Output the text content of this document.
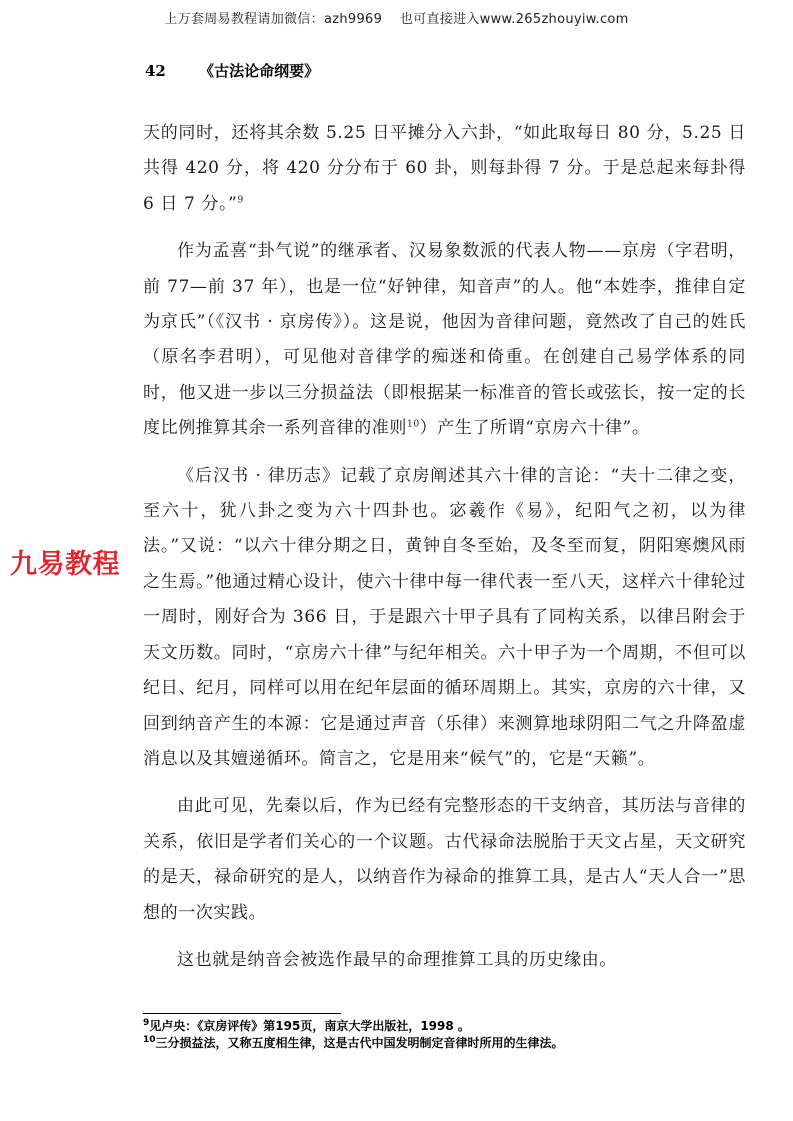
上万套周易教程请加微信：azh9969　 也可直接进入www.265zhouyiw.com
42 《古法论命纲要》
九易教程

天的同时，还将其余数 5.25 日平摊分入六卦，“如此取每日 80 分，5.25 日共得 420 分，将 420 分分布于 60 卦，则每卦得 7 分。于是总起来每卦得 6 日 7 分。”$^9$

作为孟喜“卦气说”的继承者、汉易象数派的代表人物——京房（字君明，前 77—前 37 年），也是一位“好钟律，知音声”的人。他“本姓李，推律自定为京氏”（《汉书 · 京房传》）。这是说，他因为音律问题，竟然改了自己的姓氏（原名李君明），可见他对音律学的痴迷和倚重。在创建自己易学体系的同时，他又进一步以三分损益法（即根据某一标准音的管长或弦长，按一定的长度比例推算其余一系列音律的准则$^{10}$）产生了所谓“京房六十律”。

《后汉书 · 律历志》记载了京房阐述其六十律的言论：“夫十二律之变，至六十，犹八卦之变为六十四卦也。宓羲作《易》，纪阳气之初，以为律法。”又说：“以六十律分期之日，黄钟自冬至始，及冬至而复，阴阳寒燠风雨之生焉。”他通过精心设计，使六十律中每一律代表一至八天，这样六十律轮过一周时，刚好合为 366 日，于是跟六十甲子具有了同构关系，以律吕附会于天文历数。同时，“京房六十律”与纪年相关。六十甲子为一个周期，不但可以纪日、纪月，同样可以用在纪年层面的循环周期上。其实，京房的六十律，又回到纳音产生的本源：它是通过声音（乐律）来测算地球阴阳二气之升降盈虚消息以及其嬗递循环。简言之，它是用来“候气”的，它是“天籁”。

由此可见，先秦以后，作为已经有完整形态的干支纳音，其历法与音律的关系，依旧是学者们关心的一个议题。古代禄命法脱胎于天文占星，天文研究的是天，禄命研究的是人，以纳音作为禄命的推算工具，是古人“天人合一”思想的一次实践。

这也就是纳音会被选作最早的命理推算工具的历史缘由。

$^9$见卢央：《京房评传》第195页，南京大学出版社，1998 。
$^{10}$三分损益法，又称五度相生律，这是古代中国发明制定音律时所用的生律法。
